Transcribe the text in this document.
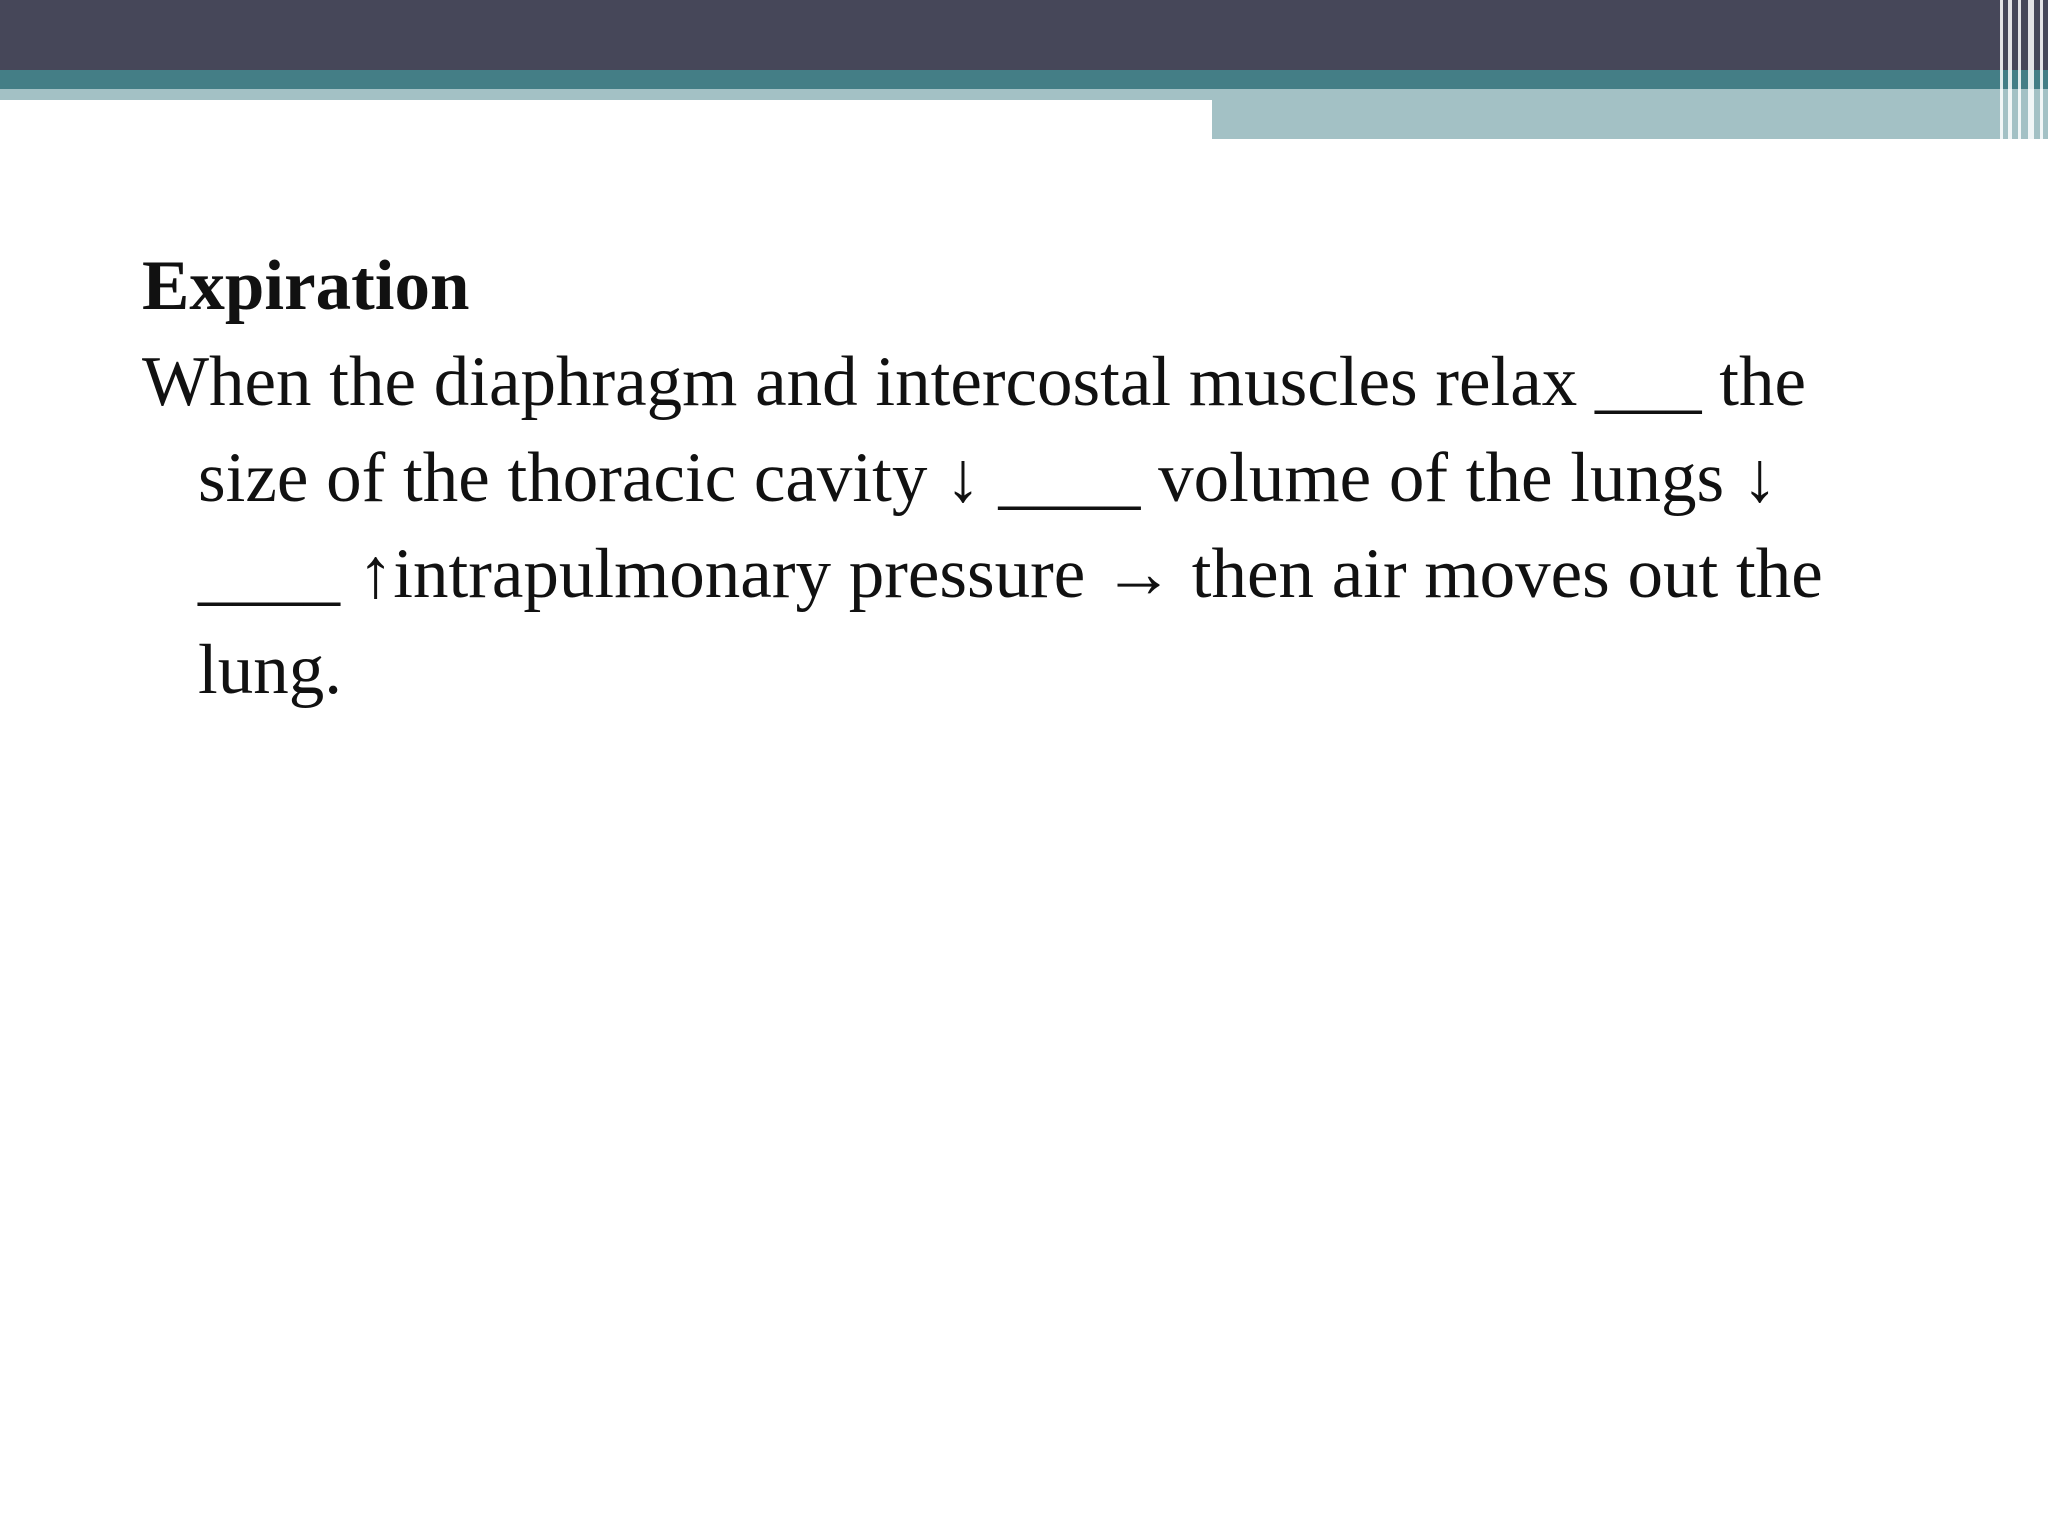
Expiration

When the diaphragm and intercostal muscles relax ___ the size of the thoracic cavity ↓ ____ volume of the lungs ↓ ____ ↑intrapulmonary pressure → then air moves out the lung.
